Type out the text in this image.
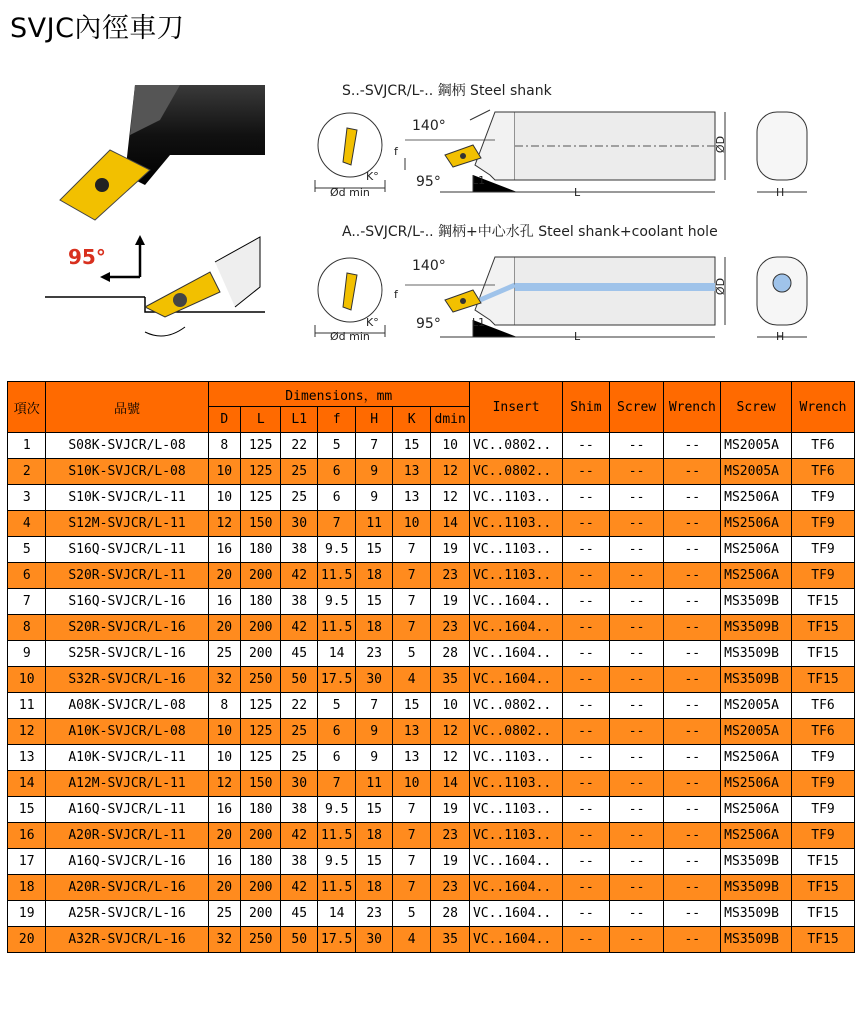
SVJC內徑車刀
95°
S..-SVJCR/L-.. 鋼柄 Steel shank
140°
95°
f
K°
Ød min
L1
L
ØD
H
A..-SVJCR/L-.. 鋼柄+中心水孔 Steel shank+coolant hole
140°
95°
f
K°
Ød min
L1
L
ØD
H
項次	品號	Dimensions，mm							Insert	Shim	Screw	Wrench	Screw	Wrench
		D	L	L1	f	H	K	dmin						
1	S08K-SVJCR/L-08	8	125	22	5	7	15	10	VC..0802..	--	--	--	MS2005A	TF6
2	S10K-SVJCR/L-08	10	125	25	6	9	13	12	VC..0802..	--	--	--	MS2005A	TF6
3	S10K-SVJCR/L-11	10	125	25	6	9	13	12	VC..1103..	--	--	--	MS2506A	TF9
4	S12M-SVJCR/L-11	12	150	30	7	11	10	14	VC..1103..	--	--	--	MS2506A	TF9
5	S16Q-SVJCR/L-11	16	180	38	9.5	15	7	19	VC..1103..	--	--	--	MS2506A	TF9
6	S20R-SVJCR/L-11	20	200	42	11.5	18	7	23	VC..1103..	--	--	--	MS2506A	TF9
7	S16Q-SVJCR/L-16	16	180	38	9.5	15	7	19	VC..1604..	--	--	--	MS3509B	TF15
8	S20R-SVJCR/L-16	20	200	42	11.5	18	7	23	VC..1604..	--	--	--	MS3509B	TF15
9	S25R-SVJCR/L-16	25	200	45	14	23	5	28	VC..1604..	--	--	--	MS3509B	TF15
10	S32R-SVJCR/L-16	32	250	50	17.5	30	4	35	VC..1604..	--	--	--	MS3509B	TF15
11	A08K-SVJCR/L-08	8	125	22	5	7	15	10	VC..0802..	--	--	--	MS2005A	TF6
12	A10K-SVJCR/L-08	10	125	25	6	9	13	12	VC..0802..	--	--	--	MS2005A	TF6
13	A10K-SVJCR/L-11	10	125	25	6	9	13	12	VC..1103..	--	--	--	MS2506A	TF9
14	A12M-SVJCR/L-11	12	150	30	7	11	10	14	VC..1103..	--	--	--	MS2506A	TF9
15	A16Q-SVJCR/L-11	16	180	38	9.5	15	7	19	VC..1103..	--	--	--	MS2506A	TF9
16	A20R-SVJCR/L-11	20	200	42	11.5	18	7	23	VC..1103..	--	--	--	MS2506A	TF9
17	A16Q-SVJCR/L-16	16	180	38	9.5	15	7	19	VC..1604..	--	--	--	MS3509B	TF15
18	A20R-SVJCR/L-16	20	200	42	11.5	18	7	23	VC..1604..	--	--	--	MS3509B	TF15
19	A25R-SVJCR/L-16	25	200	45	14	23	5	28	VC..1604..	--	--	--	MS3509B	TF15
20	A32R-SVJCR/L-16	32	250	50	17.5	30	4	35	VC..1604..	--	--	--	MS3509B	TF15
